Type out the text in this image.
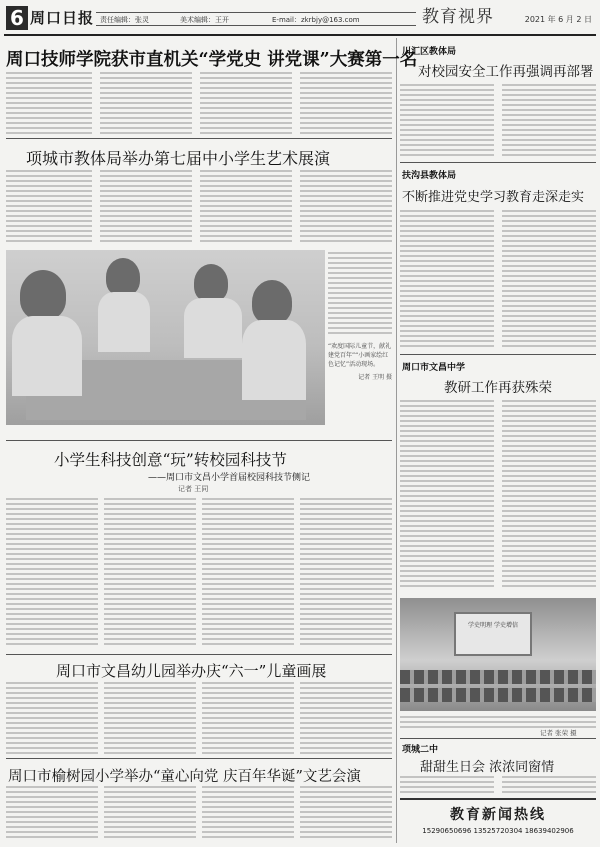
6 周口日报 责任编辑：张灵	美术编辑：王开	E-mail：zkrbjy@163.com	教育视界	2021 年 6 月 2 日
周口技师学院获市直机关“学党史 讲党课”大赛第一名
项城市教体局举办第七届中小学生艺术展演
“欢度国际儿童节，献礼建党百年”“小画家绘红色记忆”活动现场。
记者 王明 摄
小学生科技创意“玩”转校园科技节
——周口市文昌小学首届校园科技节侧记
记者 王同
周口市文昌幼儿园举办庆“六一”儿童画展
周口市榆树园小学举办“童心向党 庆百年华诞”文艺会演
川汇区教体局
对校园安全工作再强调再部署
扶沟县教体局
不断推进党史学习教育走深走实
周口市文昌中学
教研工作再获殊荣
学史明理 学史增信
记者 张荣 摄
项城二中
甜甜生日会 浓浓同窗情
教育新闻热线
15290650696 13525720304 18639402906
